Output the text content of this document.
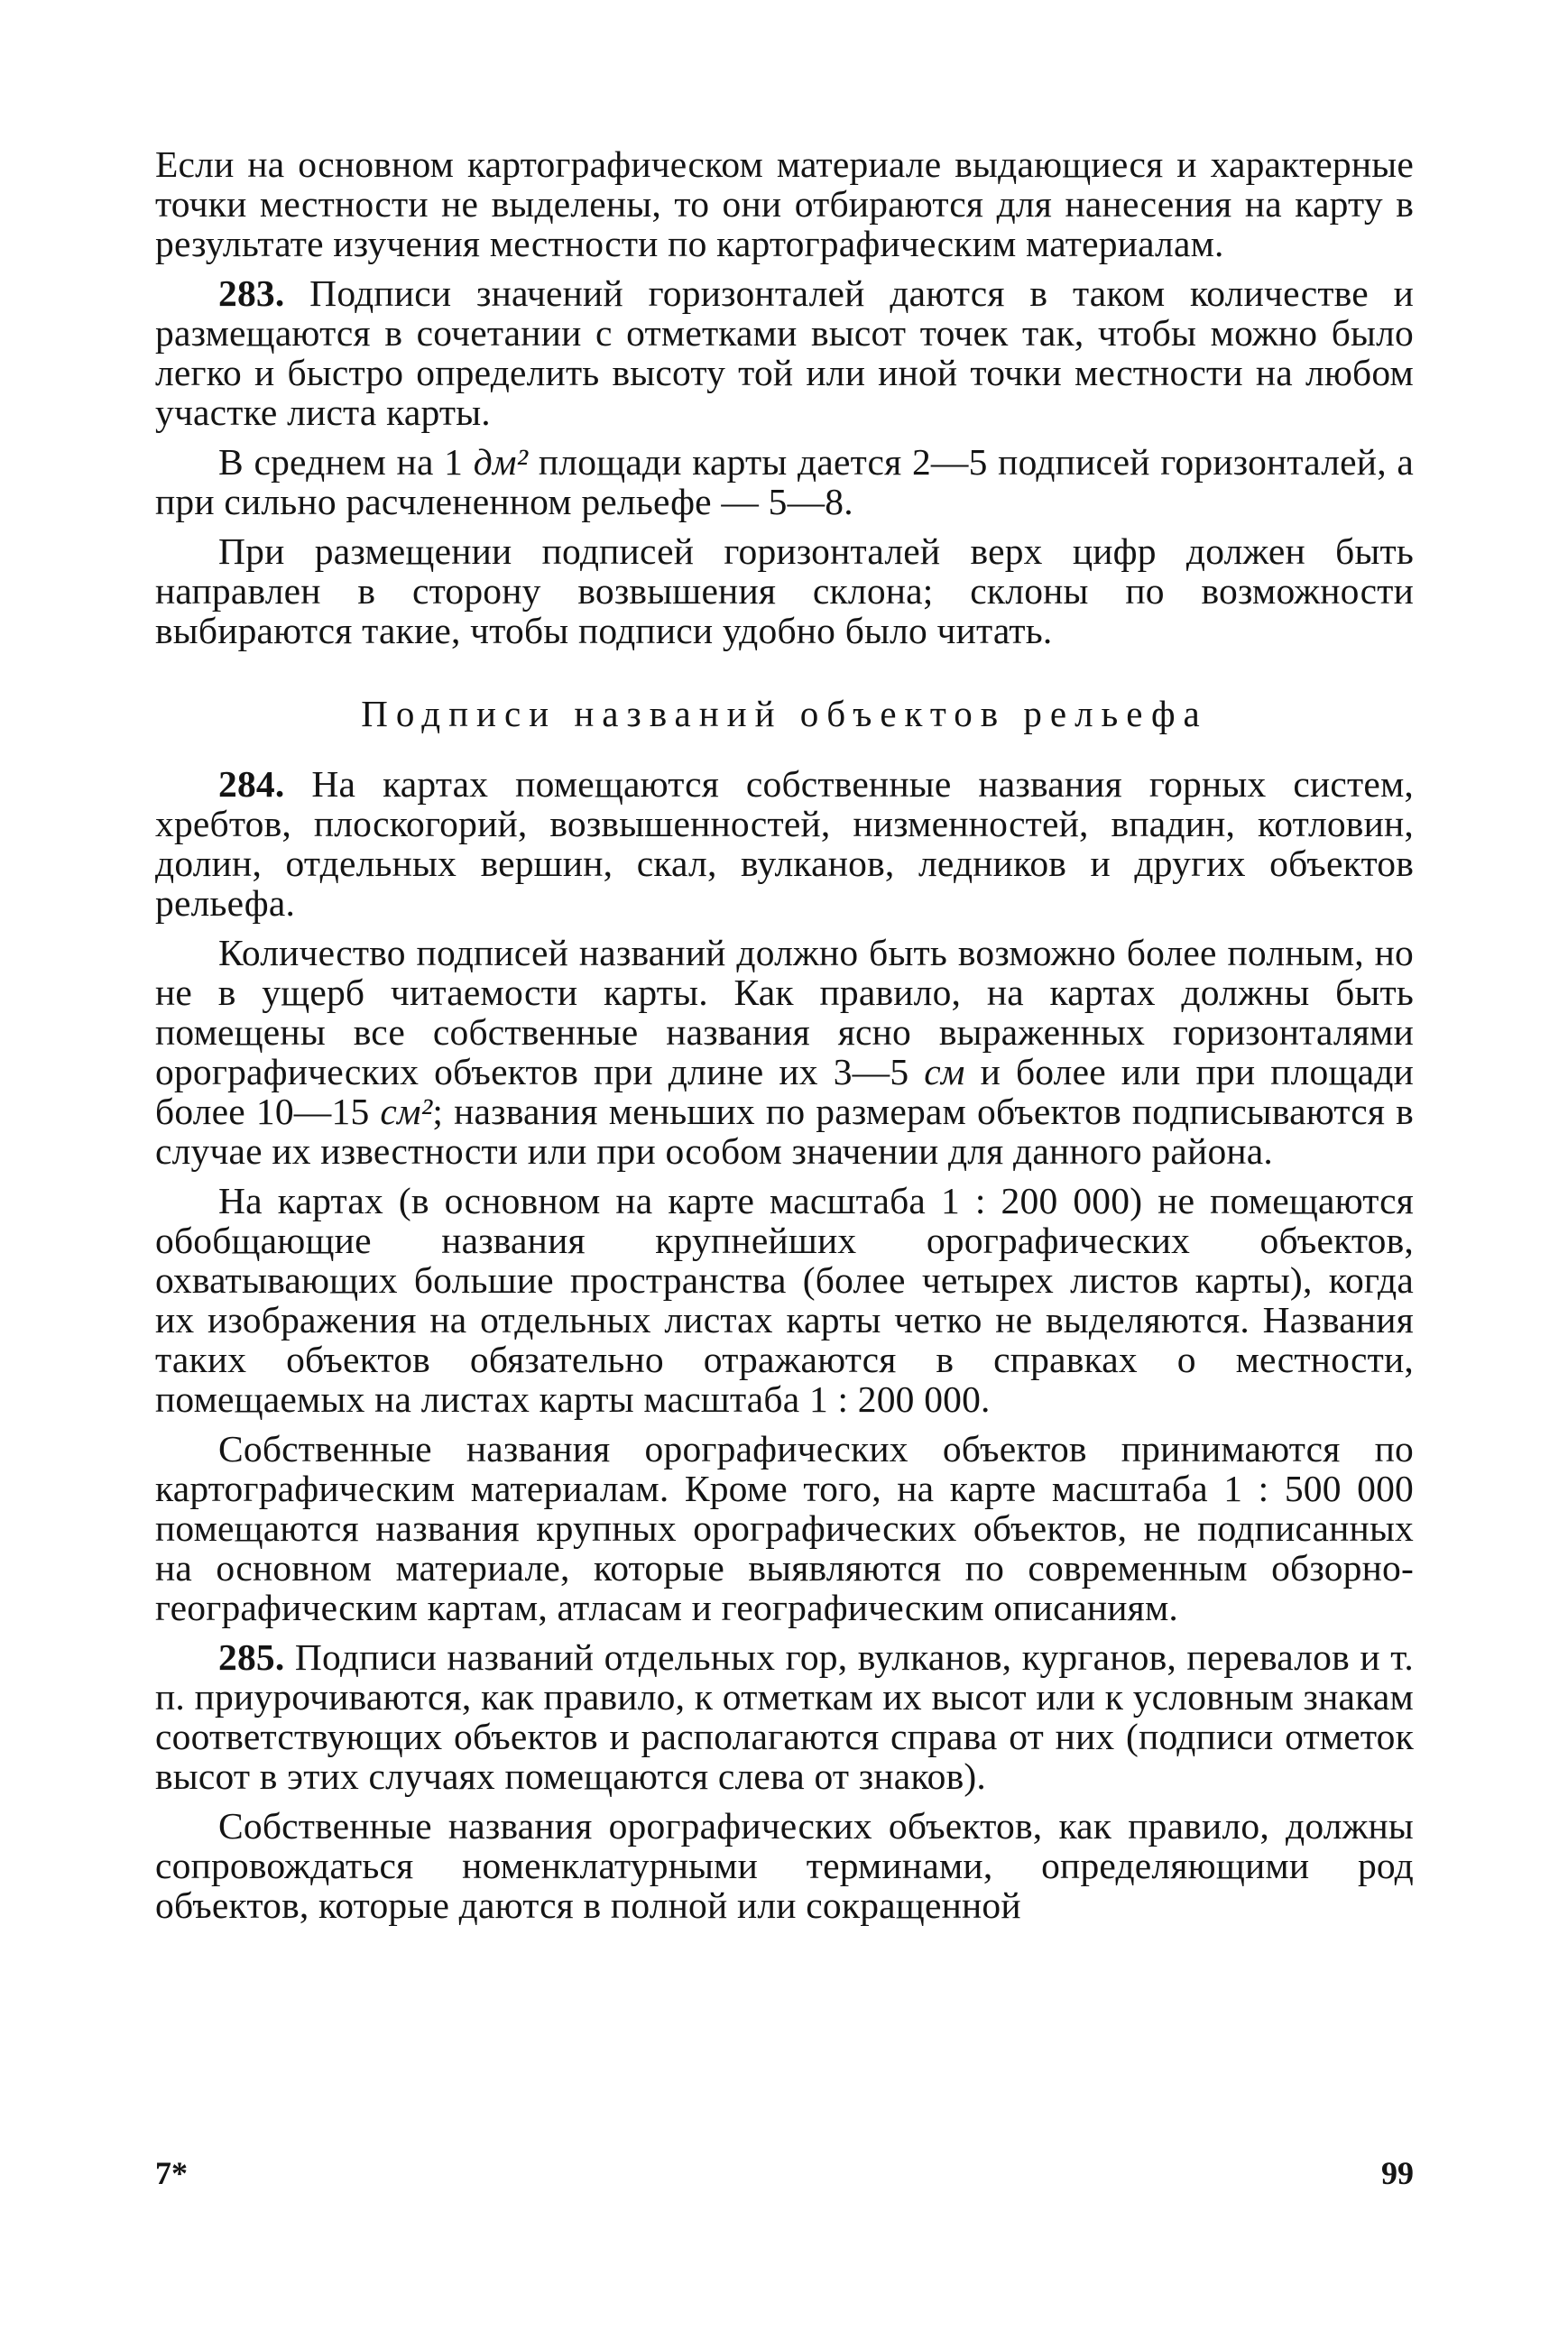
Если на основном картографическом материале выдающиеся и характерные точки местности не выделены, то они отбираются для нанесения на карту в результате изучения местности по картографическим материалам.

283. Подписи значений горизонталей даются в таком количестве и размещаются в сочетании с отметками высот точек так, чтобы можно было легко и быстро определить высоту той или иной точки местности на любом участке листа карты.

В среднем на 1 дм² площади карты дается 2—5 подписей горизонталей, а при сильно расчлененном рельефе — 5—8.

При размещении подписей горизонталей верх цифр должен быть направлен в сторону возвышения склона; склоны по возможности выбираются такие, чтобы подписи удобно было читать.

Подписи названий объектов рельефа

284. На картах помещаются собственные названия горных систем, хребтов, плоскогорий, возвышенностей, низменностей, впадин, котловин, долин, отдельных вершин, скал, вулканов, ледников и других объектов рельефа.

Количество подписей названий должно быть возможно более полным, но не в ущерб читаемости карты. Как правило, на картах должны быть помещены все собственные названия ясно выраженных горизонталями орографических объектов при длине их 3—5 см и более или при площади более 10—15 см²; названия меньших по размерам объектов подписываются в случае их известности или при особом значении для данного района.

На картах (в основном на карте масштаба 1 : 200 000) не помещаются обобщающие названия крупнейших орографических объектов, охватывающих большие пространства (более четырех листов карты), когда их изображения на отдельных листах карты четко не выделяются. Названия таких объектов обязательно отражаются в справках о местности, помещаемых на листах карты масштаба 1 : 200 000.

Собственные названия орографических объектов принимаются по картографическим материалам. Кроме того, на карте масштаба 1 : 500 000 помещаются названия крупных орографических объектов, не подписанных на основном материале, которые выявляются по современным обзорно-географическим картам, атласам и географическим описаниям.

285. Подписи названий отдельных гор, вулканов, курганов, перевалов и т. п. приурочиваются, как правило, к отметкам их высот или к условным знакам соответствующих объектов и располагаются справа от них (подписи отметок высот в этих случаях помещаются слева от знаков).

Собственные названия орографических объектов, как правило, должны сопровождаться номенклатурными терминами, определяющими род объектов, которые даются в полной или сокращенной

7*	99
